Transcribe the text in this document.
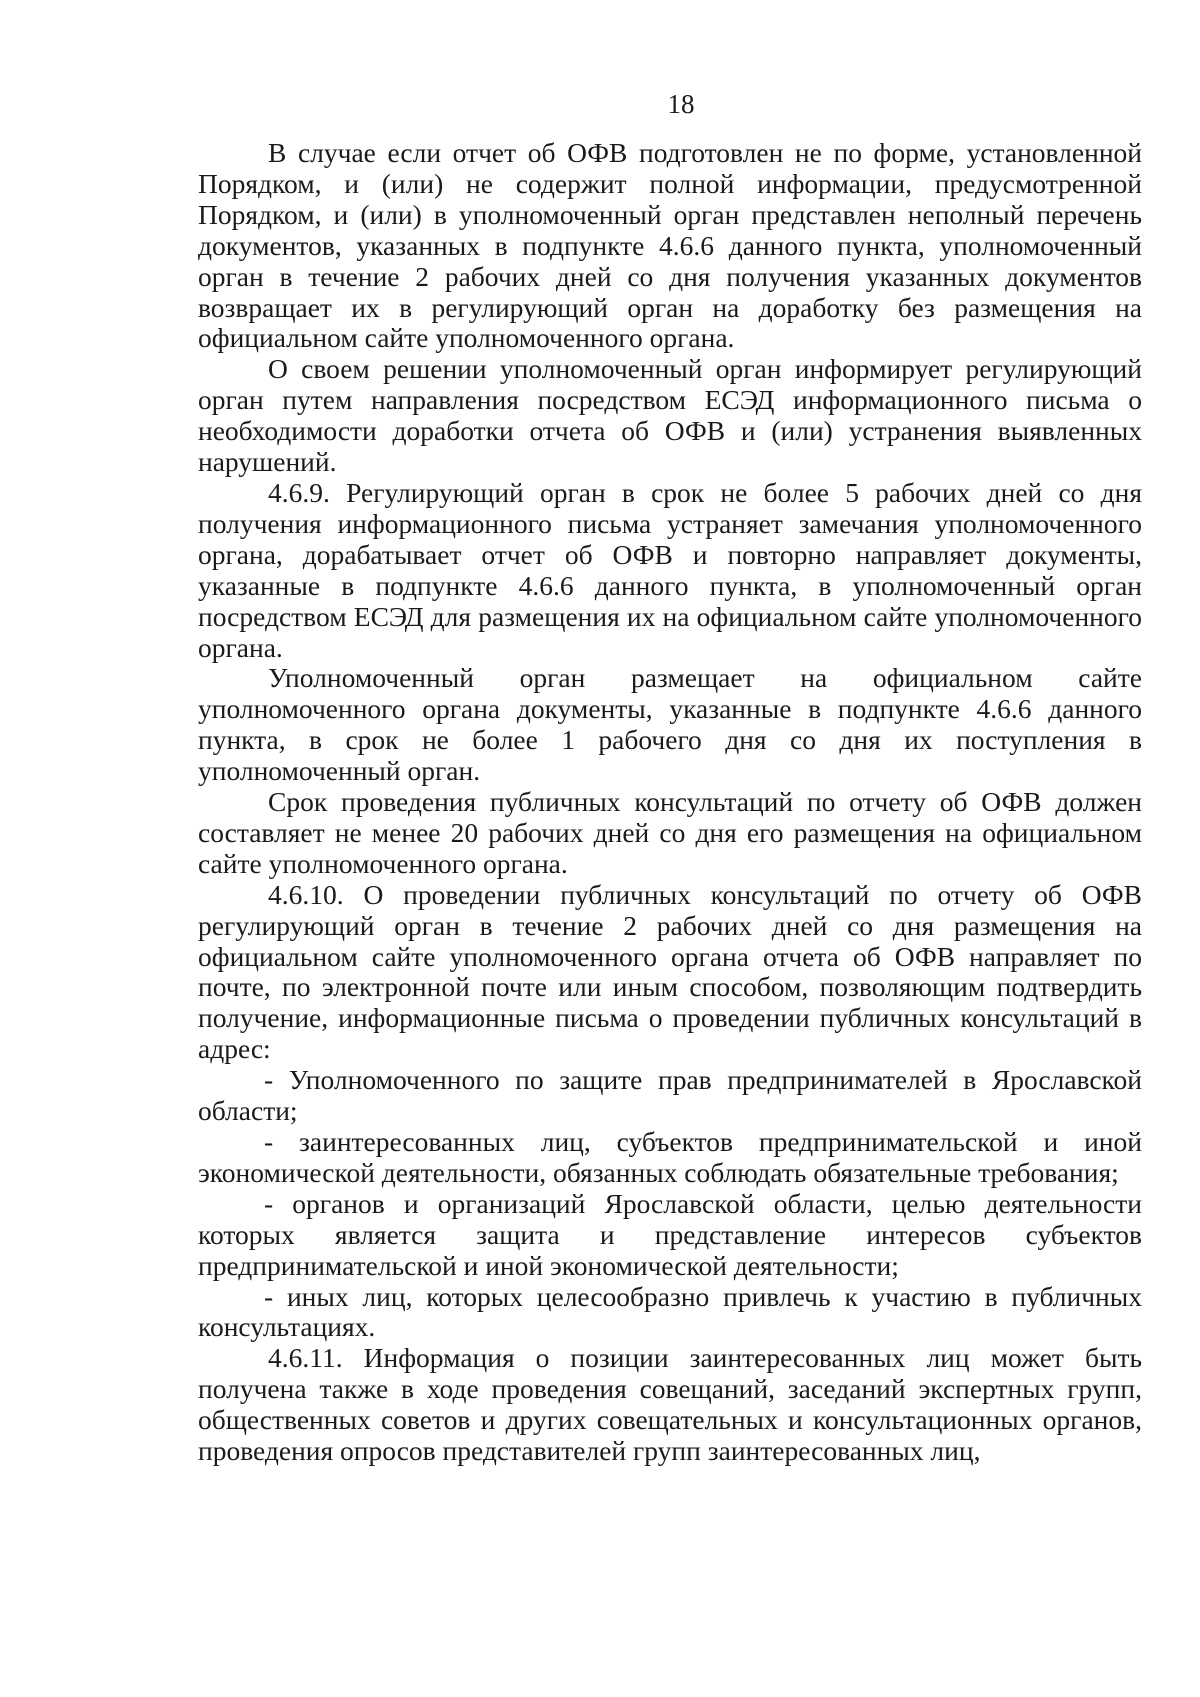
18

В случае если отчет об ОФВ подготовлен не по форме, установленной Порядком, и (или) не содержит полной информации, предусмотренной Порядком, и (или) в уполномоченный орган представлен неполный перечень документов, указанных в подпункте 4.6.6 данного пункта, уполномоченный орган в течение 2 рабочих дней со дня получения указанных документов возвращает их в регулирующий орган на доработку без размещения на официальном сайте уполномоченного органа.

О своем решении уполномоченный орган информирует регулирующий орган путем направления посредством ЕСЭД информационного письма о необходимости доработки отчета об ОФВ и (или) устранения выявленных нарушений.

4.6.9. Регулирующий орган в срок не более 5 рабочих дней со дня получения информационного письма устраняет замечания уполномоченного органа, дорабатывает отчет об ОФВ и повторно направляет документы, указанные в подпункте 4.6.6 данного пункта, в уполномоченный орган посредством ЕСЭД для размещения их на официальном сайте уполномоченного органа.

Уполномоченный орган размещает на официальном сайте уполномоченного органа документы, указанные в подпункте 4.6.6 данного пункта, в срок не более 1 рабочего дня со дня их поступления в уполномоченный орган.

Срок проведения публичных консультаций по отчету об ОФВ должен составляет не менее 20 рабочих дней со дня его размещения на официальном сайте уполномоченного органа.

4.6.10. О проведении публичных консультаций по отчету об ОФВ регулирующий орган в течение 2 рабочих дней со дня размещения на официальном сайте уполномоченного органа отчета об ОФВ направляет по почте, по электронной почте или иным способом, позволяющим подтвердить получение, информационные письма о проведении публичных консультаций в адрес:

- Уполномоченного по защите прав предпринимателей в Ярославской области;

- заинтересованных лиц, субъектов предпринимательской и иной экономической деятельности, обязанных соблюдать обязательные требования;

- органов и организаций Ярославской области, целью деятельности которых является защита и представление интересов субъектов предпринимательской и иной экономической деятельности;

- иных лиц, которых целесообразно привлечь к участию в публичных консультациях.

4.6.11. Информация о позиции заинтересованных лиц может быть получена также в ходе проведения совещаний, заседаний экспертных групп, общественных советов и других совещательных и консультационных органов, проведения опросов представителей групп заинтересованных лиц,
